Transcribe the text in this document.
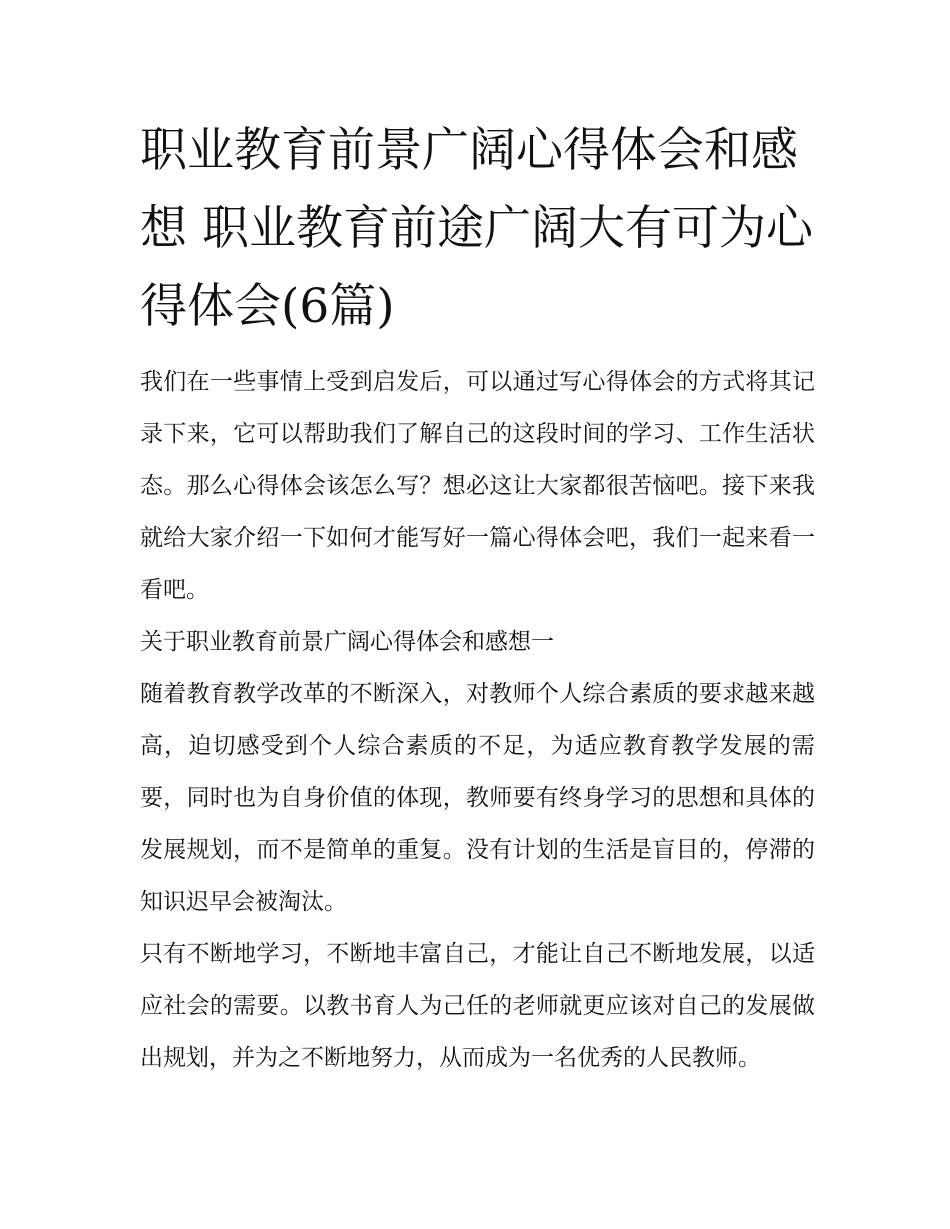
职业教育前景广阔心得体会和感想 职业教育前途广阔大有可为心得体会(6篇)

我们在一些事情上受到启发后，可以通过写心得体会的方式将其记录下来，它可以帮助我们了解自己的这段时间的学习、工作生活状态。那么心得体会该怎么写？想必这让大家都很苦恼吧。接下来我就给大家介绍一下如何才能写好一篇心得体会吧，我们一起来看一看吧。

关于职业教育前景广阔心得体会和感想一

随着教育教学改革的不断深入，对教师个人综合素质的要求越来越高，迫切感受到个人综合素质的不足，为适应教育教学发展的需要，同时也为自身价值的体现，教师要有终身学习的思想和具体的发展规划，而不是简单的重复。没有计划的生活是盲目的，停滞的知识迟早会被淘汰。

只有不断地学习，不断地丰富自己，才能让自己不断地发展，以适应社会的需要。以教书育人为己任的老师就更应该对自己的发展做出规划，并为之不断地努力，从而成为一名优秀的人民教师。
